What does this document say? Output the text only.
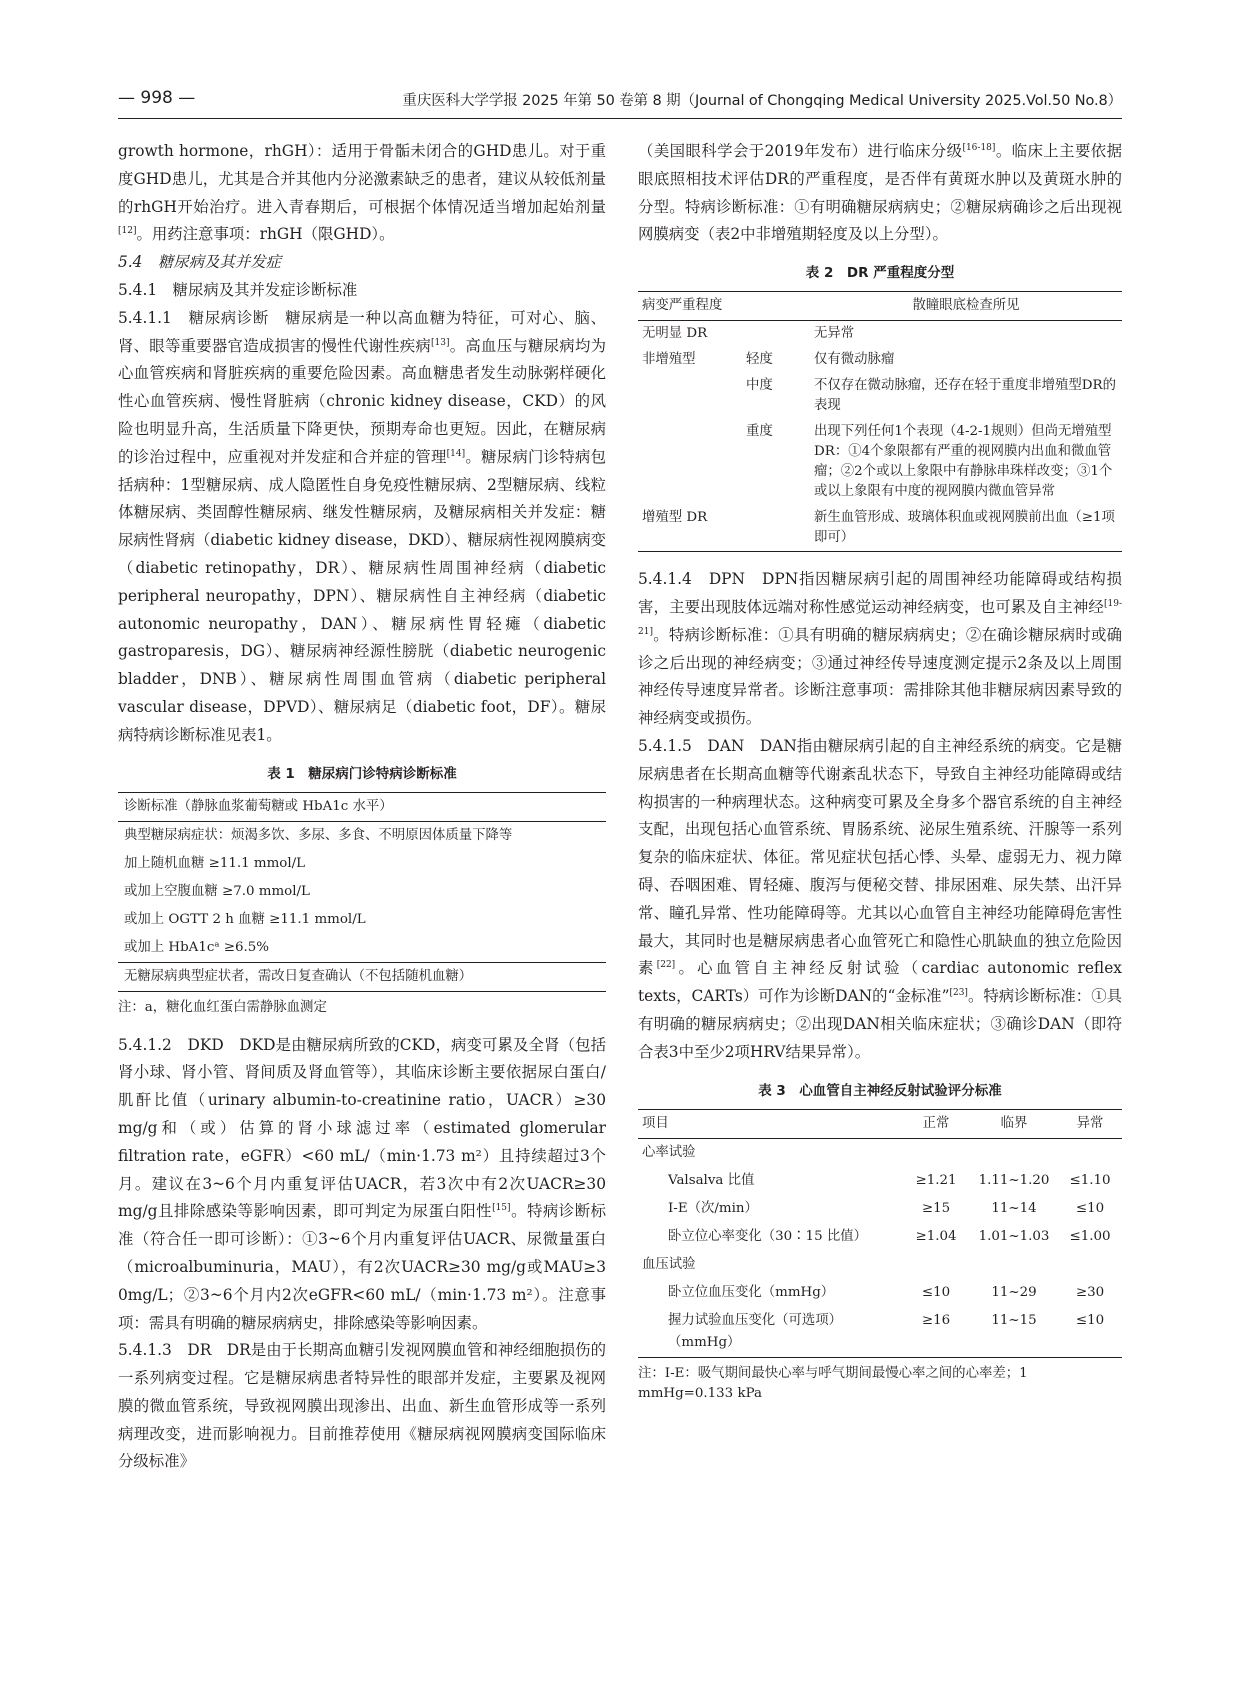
— 998 —	重庆医科大学学报 2025 年第 50 卷第 8 期（Journal of Chongqing Medical University 2025.Vol.50 No.8）

growth hormone，rhGH）：适用于骨骺未闭合的GHD患儿。对于重度GHD患儿，尤其是合并其他内分泌激素缺乏的患者，建议从较低剂量的rhGH开始治疗。进入青春期后，可根据个体情况适当增加起始剂量[12]。用药注意事项：rhGH（限GHD）。

5.4　糖尿病及其并发症

5.4.1　糖尿病及其并发症诊断标准

5.4.1.1　糖尿病诊断　糖尿病是一种以高血糖为特征，可对心、脑、肾、眼等重要器官造成损害的慢性代谢性疾病[13]。高血压与糖尿病均为心血管疾病和肾脏疾病的重要危险因素。高血糖患者发生动脉粥样硬化性心血管疾病、慢性肾脏病（chronic kidney disease，CKD）的风险也明显升高，生活质量下降更快，预期寿命也更短。因此，在糖尿病的诊治过程中，应重视对并发症和合并症的管理[14]。糖尿病门诊特病包括病种：1型糖尿病、成人隐匿性自身免疫性糖尿病、2型糖尿病、线粒体糖尿病、类固醇性糖尿病、继发性糖尿病，及糖尿病相关并发症：糖尿病性肾病（diabetic kidney disease，DKD）、糖尿病性视网膜病变（diabetic retinopathy，DR）、糖尿病性周围神经病（diabetic peripheral neuropathy，DPN）、糖尿病性自主神经病（diabetic autonomic neuropathy，DAN）、糖尿病性胃轻瘫（diabetic gastroparesis，DG）、糖尿病神经源性膀胱（diabetic neurogenic bladder，DNB）、糖尿病性周围血管病（diabetic peripheral vascular disease，DPVD）、糖尿病足（diabetic foot，DF）。糖尿病特病诊断标准见表1。

表 1　糖尿病门诊特病诊断标准
诊断标准（静脉血浆葡萄糖或 HbA1c 水平）
典型糖尿病症状：烦渴多饮、多尿、多食、不明原因体质量下降等
加上随机血糖 ≥11.1 mmol/L
或加上空腹血糖 ≥7.0 mmol/L
或加上 OGTT 2 h 血糖 ≥11.1 mmol/L
或加上 HbA1cᵃ ≥6.5%
无糖尿病典型症状者，需改日复查确认（不包括随机血糖）
注：a，糖化血红蛋白需静脉血测定

5.4.1.2　DKD　DKD是由糖尿病所致的CKD，病变可累及全肾（包括肾小球、肾小管、肾间质及肾血管等），其临床诊断主要依据尿白蛋白/肌酐比值（urinary albumin-to-creatinine ratio，UACR）≥30 mg/g和（或）估算的肾小球滤过率（estimated glomerular filtration rate，eGFR）<60 mL/（min·1.73 m²）且持续超过3个月。建议在3~6个月内重复评估UACR，若3次中有2次UACR≥30 mg/g且排除感染等影响因素，即可判定为尿蛋白阳性[15]。特病诊断标准（符合任一即可诊断）：①3~6个月内重复评估UACR、尿微量蛋白（microalbuminuria，MAU），有2次UACR≥30 mg/g或MAU≥3 0mg/L；②3~6个月内2次eGFR<60 mL/（min·1.73 m²）。注意事项：需具有明确的糖尿病病史，排除感染等影响因素。

5.4.1.3　DR　DR是由于长期高血糖引发视网膜血管和神经细胞损伤的一系列病变过程。它是糖尿病患者特异性的眼部并发症，主要累及视网膜的微血管系统，导致视网膜出现渗出、出血、新生血管形成等一系列病理改变，进而影响视力。目前推荐使用《糖尿病视网膜病变国际临床分级标准》

（美国眼科学会于2019年发布）进行临床分级[16-18]。临床上主要依据眼底照相技术评估DR的严重程度，是否伴有黄斑水肿以及黄斑水肿的分型。特病诊断标准：①有明确糖尿病病史；②糖尿病确诊之后出现视网膜病变（表2中非增殖期轻度及以上分型）。

表 2　DR 严重程度分型
病变严重程度		散瞳眼底检查所见
无明显 DR		无异常
非增殖型	轻度	仅有微动脉瘤
	中度	不仅存在微动脉瘤，还存在轻于重度非增殖型DR的表现
	重度	出现下列任何1个表现（4-2-1规则）但尚无增殖型DR：①4个象限都有严重的视网膜内出血和微血管瘤；②2个或以上象限中有静脉串珠样改变；③1个或以上象限有中度的视网膜内微血管异常
增殖型 DR		新生血管形成、玻璃体积血或视网膜前出血（≥1项即可）

5.4.1.4　DPN　DPN指因糖尿病引起的周围神经功能障碍或结构损害，主要出现肢体远端对称性感觉运动神经病变，也可累及自主神经[19-21]。特病诊断标准：①具有明确的糖尿病病史；②在确诊糖尿病时或确诊之后出现的神经病变；③通过神经传导速度测定提示2条及以上周围神经传导速度异常者。诊断注意事项：需排除其他非糖尿病因素导致的神经病变或损伤。

5.4.1.5　DAN　DAN指由糖尿病引起的自主神经系统的病变。它是糖尿病患者在长期高血糖等代谢紊乱状态下，导致自主神经功能障碍或结构损害的一种病理状态。这种病变可累及全身多个器官系统的自主神经支配，出现包括心血管系统、胃肠系统、泌尿生殖系统、汗腺等一系列复杂的临床症状、体征。常见症状包括心悸、头晕、虚弱无力、视力障碍、吞咽困难、胃轻瘫、腹泻与便秘交替、排尿困难、尿失禁、出汗异常、瞳孔异常、性功能障碍等。尤其以心血管自主神经功能障碍危害性最大，其同时也是糖尿病患者心血管死亡和隐性心肌缺血的独立危险因素[22]。心血管自主神经反射试验（cardiac autonomic reflex texts，CARTs）可作为诊断DAN的“金标准”[23]。特病诊断标准：①具有明确的糖尿病病史；②出现DAN相关临床症状；③确诊DAN（即符合表3中至少2项HRV结果异常）。

表 3　心血管自主神经反射试验评分标准
项目	正常	临界	异常
心率试验			
Valsalva 比值	≥1.21	1.11~1.20	≤1.10
I-E（次/min）	≥15	11~14	≤10
卧立位心率变化（30∶15 比值）	≥1.04	1.01~1.03	≤1.00
血压试验			
卧立位血压变化（mmHg）	≤10	11~29	≥30
握力试验血压变化（可选项）（mmHg）	≥16	11~15	≤10
注：I-E：吸气期间最快心率与呼气期间最慢心率之间的心率差；1 mmHg=0.133 kPa
